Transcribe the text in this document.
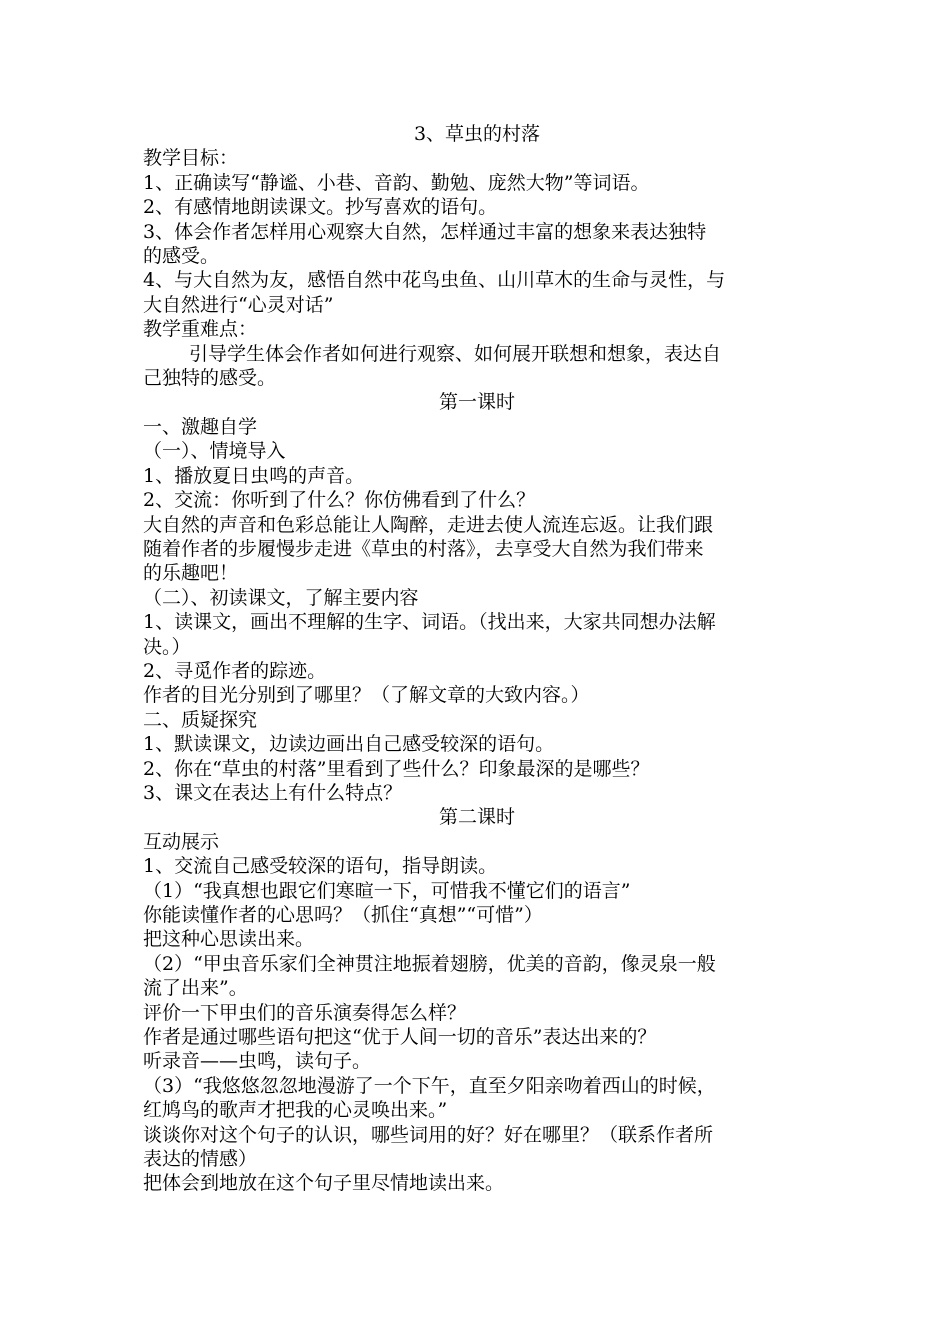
3、草虫的村落
教学目标：
1、正确读写“静谧、小巷、音韵、勤勉、庞然大物”等词语。
2、有感情地朗读课文。抄写喜欢的语句。
3、体会作者怎样用心观察大自然，怎样通过丰富的想象来表达独特
的感受。
4、与大自然为友，感悟自然中花鸟虫鱼、山川草木的生命与灵性，与
大自然进行“心灵对话”
教学重难点：
引导学生体会作者如何进行观察、如何展开联想和想象，表达自
己独特的感受。
第一课时
一、激趣自学
（一）、情境导入
1、播放夏日虫鸣的声音。
2、交流：你听到了什么？你仿佛看到了什么？
大自然的声音和色彩总能让人陶醉，走进去使人流连忘返。让我们跟
随着作者的步履慢步走进《草虫的村落》，去享受大自然为我们带来
的乐趣吧！
（二）、初读课文，了解主要内容
1、读课文，画出不理解的生字、词语。（找出来，大家共同想办法解
决。）
2、寻觅作者的踪迹。
作者的目光分别到了哪里？（了解文章的大致内容。）
二、质疑探究
1、默读课文，边读边画出自己感受较深的语句。
2、你在“草虫的村落”里看到了些什么？印象最深的是哪些？
3、课文在表达上有什么特点？
第二课时
互动展示
1、交流自己感受较深的语句，指导朗读。
（1）“我真想也跟它们寒暄一下，可惜我不懂它们的语言”
你能读懂作者的心思吗？（抓住“真想”“可惜”）
把这种心思读出来。
（2）“甲虫音乐家们全神贯注地振着翅膀，优美的音韵，像灵泉一般
流了出来”。
评价一下甲虫们的音乐演奏得怎么样？
作者是通过哪些语句把这“优于人间一切的音乐”表达出来的？
听录音——虫鸣，读句子。
（3）“我悠悠忽忽地漫游了一个下午，直至夕阳亲吻着西山的时候，
红鸠鸟的歌声才把我的心灵唤出来。”
谈谈你对这个句子的认识，哪些词用的好？好在哪里？（联系作者所
表达的情感）
把体会到地放在这个句子里尽情地读出来。
